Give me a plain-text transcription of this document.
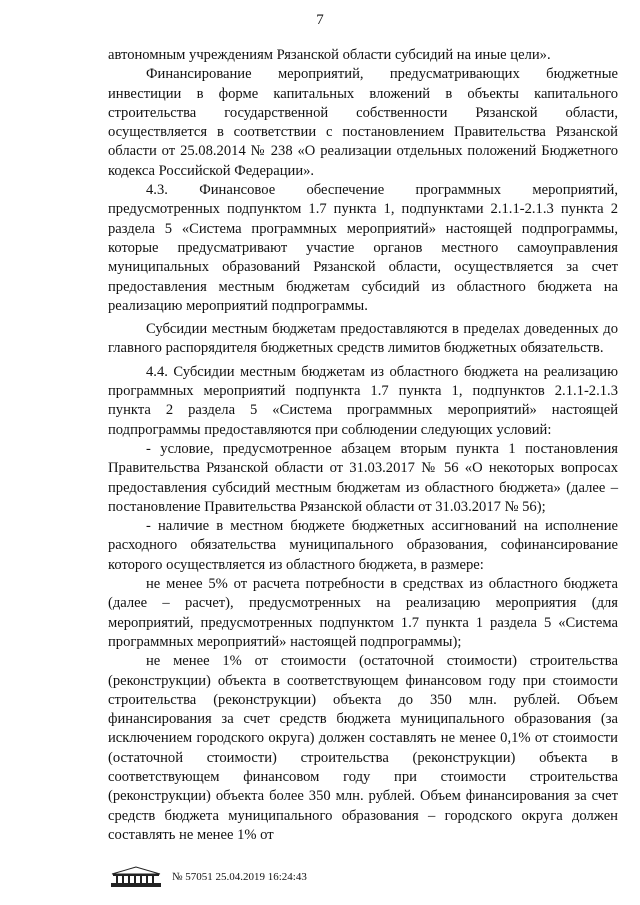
7

автономным учреждениям Рязанской области субсидий на иные цели».

Финансирование мероприятий, предусматривающих бюджетные инвестиции в форме капитальных вложений в объекты капитального строительства государственной собственности Рязанской области, осуществляется в соответствии с постановлением Правительства Рязанской области от 25.08.2014 № 238 «О реализации отдельных положений Бюджетного кодекса Российской Федерации».

4.3. Финансовое обеспечение программных мероприятий, предусмотренных подпунктом 1.7 пункта 1, подпунктами 2.1.1-2.1.3 пункта 2 раздела 5 «Система программных мероприятий» настоящей подпрограммы, которые предусматривают участие органов местного самоуправления муниципальных образований Рязанской области, осуществляется за счет предоставления местным бюджетам субсидий из областного бюджета на реализацию мероприятий подпрограммы.

Субсидии местным бюджетам предоставляются в пределах доведенных до главного распорядителя бюджетных средств лимитов бюджетных обязательств.

4.4. Субсидии местным бюджетам из областного бюджета на реализацию программных мероприятий подпункта 1.7 пункта 1, подпунктов 2.1.1-2.1.3 пункта 2 раздела 5 «Система программных мероприятий» настоящей подпрограммы предоставляются при соблюдении следующих условий:

- условие, предусмотренное абзацем вторым пункта 1 постановления Правительства Рязанской области от 31.03.2017 № 56 «О некоторых вопросах предоставления субсидий местным бюджетам из областного бюджета» (далее – постановление Правительства Рязанской области от 31.03.2017 № 56);

- наличие в местном бюджете бюджетных ассигнований на исполнение расходного обязательства муниципального образования, софинансирование которого осуществляется из областного бюджета, в размере:

не менее 5% от расчета потребности в средствах из областного бюджета (далее – расчет), предусмотренных на реализацию мероприятия (для мероприятий, предусмотренных подпунктом 1.7 пункта 1 раздела 5 «Система программных мероприятий» настоящей подпрограммы);

не менее 1% от стоимости (остаточной стоимости) строительства (реконструкции) объекта в соответствующем финансовом году при стоимости строительства (реконструкции) объекта до 350 млн. рублей. Объем финансирования за счет средств бюджета муниципального образования (за исключением городского округа) должен составлять не менее 0,1% от стоимости (остаточной стоимости) строительства (реконструкции) объекта в соответствующем финансовом году при стоимости строительства (реконструкции) объекта более 350 млн. рублей. Объем финансирования за счет средств бюджета муниципального образования – городского округа должен составлять не менее 1% от

№ 57051 25.04.2019 16:24:43
